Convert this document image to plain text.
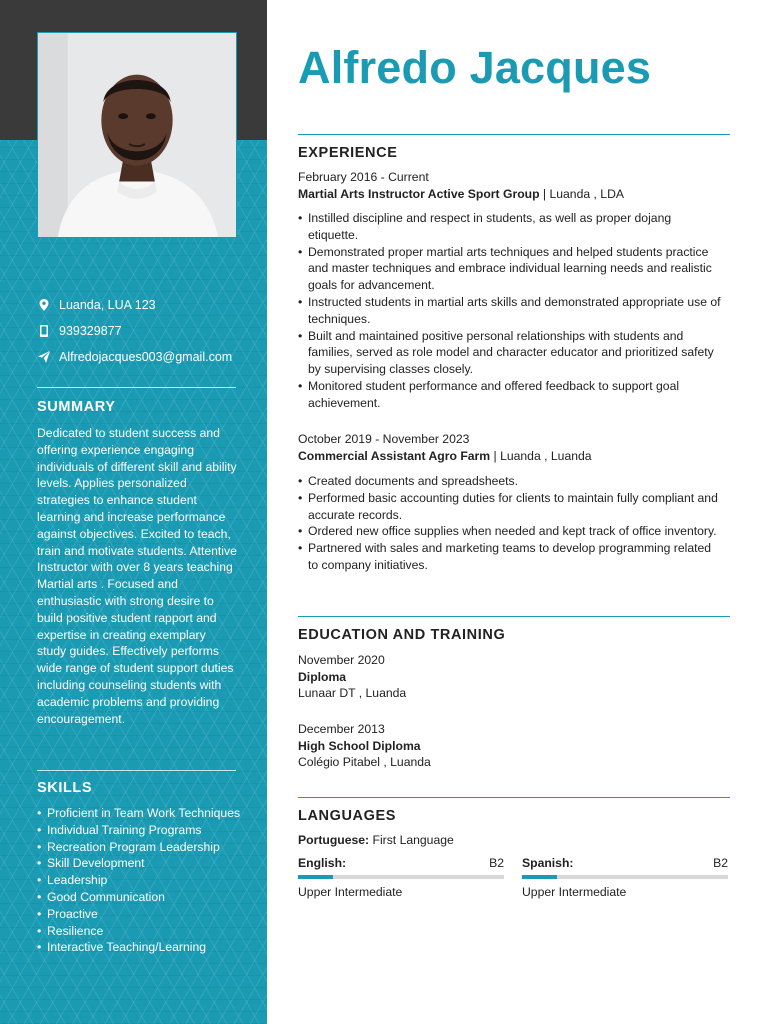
Luanda, LUA 123
939329877
Alfredojacques003@gmail.com
SUMMARY

Dedicated to student success and offering experience engaging individuals of different skill and ability levels. Applies personalized strategies to enhance student learning and increase performance against objectives. Excited to teach, train and motivate students. Attentive Instructor with over 8 years teaching Martial arts . Focused and enthusiastic with strong desire to build positive student rapport and expertise in creating exemplary study guides. Effectively performs wide range of student support duties including counseling students with academic problems and providing encouragement.

SKILLS
• Proficient in Team Work Techniques
• Individual Training Programs
• Recreation Program Leadership
• Skill Development
• Leadership
• Good Communication
• Proactive
• Resilience
• Interactive Teaching/Learning
Alfredo Jacques
EXPERIENCE
February 2016 - Current
Martial Arts Instructor Active Sport Group | Luanda , LDA
• Instilled discipline and respect in students, as well as proper dojang etiquette.
• Demonstrated proper martial arts techniques and helped students practice and master techniques and embrace individual learning needs and realistic goals for advancement.
• Instructed students in martial arts skills and demonstrated appropriate use of techniques.
• Built and maintained positive personal relationships with students and families, served as role model and character educator and prioritized safety by supervising classes closely.
• Monitored student performance and offered feedback to support goal achievement.
October 2019 - November 2023
Commercial Assistant Agro Farm | Luanda , Luanda
• Created documents and spreadsheets.
• Performed basic accounting duties for clients to maintain fully compliant and accurate records.
• Ordered new office supplies when needed and kept track of office inventory.
• Partnered with sales and marketing teams to develop programming related to company initiatives.
EDUCATION AND TRAINING
November 2020
Diploma
Lunaar DT , Luanda
December 2013
High School Diploma
Colégio Pitabel , Luanda
LANGUAGES
Portuguese: First Language
English:	B2
Upper Intermediate
Spanish:	B2
Upper Intermediate
